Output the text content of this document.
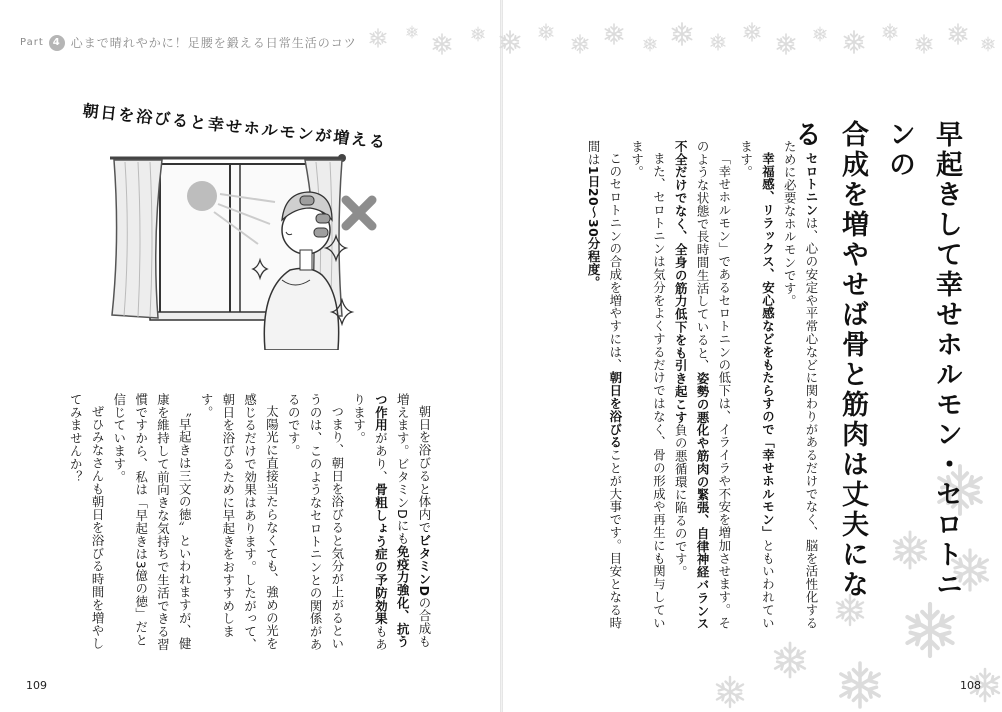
Part 4 心まで晴れやかに！足腰を鍛える日常生活のコツ
早起きして幸せホルモン・セロトニンの
合成を増やせば骨と筋肉は丈夫になる

セロトニンは、心の安定や平常心などに関わりがあるだけでなく、脳を活性化するために必要なホルモンです。

幸福感、リラックス、安心感などをもたらすので「幸せホルモン」ともいわれています。

「幸せホルモン」であるセロトニンの低下は、イライラや不安を増加させます。そのような状態で長時間生活していると、姿勢の悪化や筋肉の緊張、自律神経バランス不全だけでなく、全身の筋力低下をも引き起こす負の悪循環に陥るのです。

また、セロトニンは気分をよくするだけではなく、骨の形成や再生にも関与しています。

このセロトニンの合成を増やすには、朝日を浴びることが大事です。目安となる時間は1日20〜30分程度。

朝日を浴びると幸せホルモンが増える

朝日を浴びると体内でビタミンDの合成も増えます。ビタミンDにも免疫力強化、抗うつ作用があり、骨粗しょう症の予防効果もあります。

つまり、朝日を浴びると気分が上がるというのは、このようなセロトニンとの関係があるのです。

太陽光に直接当たらなくても、強めの光を感じるだけで効果はあります。したがって、朝日を浴びるために早起きをおすすめします。

〝早起きは三文の徳〟といわれますが、健康を維持して前向きな気持ちで生活できる習慣ですから、私は「早起きは3億の徳」だと信じています。

ぜひみなさんも朝日を浴びる時間を増やしてみませんか？

109	108
